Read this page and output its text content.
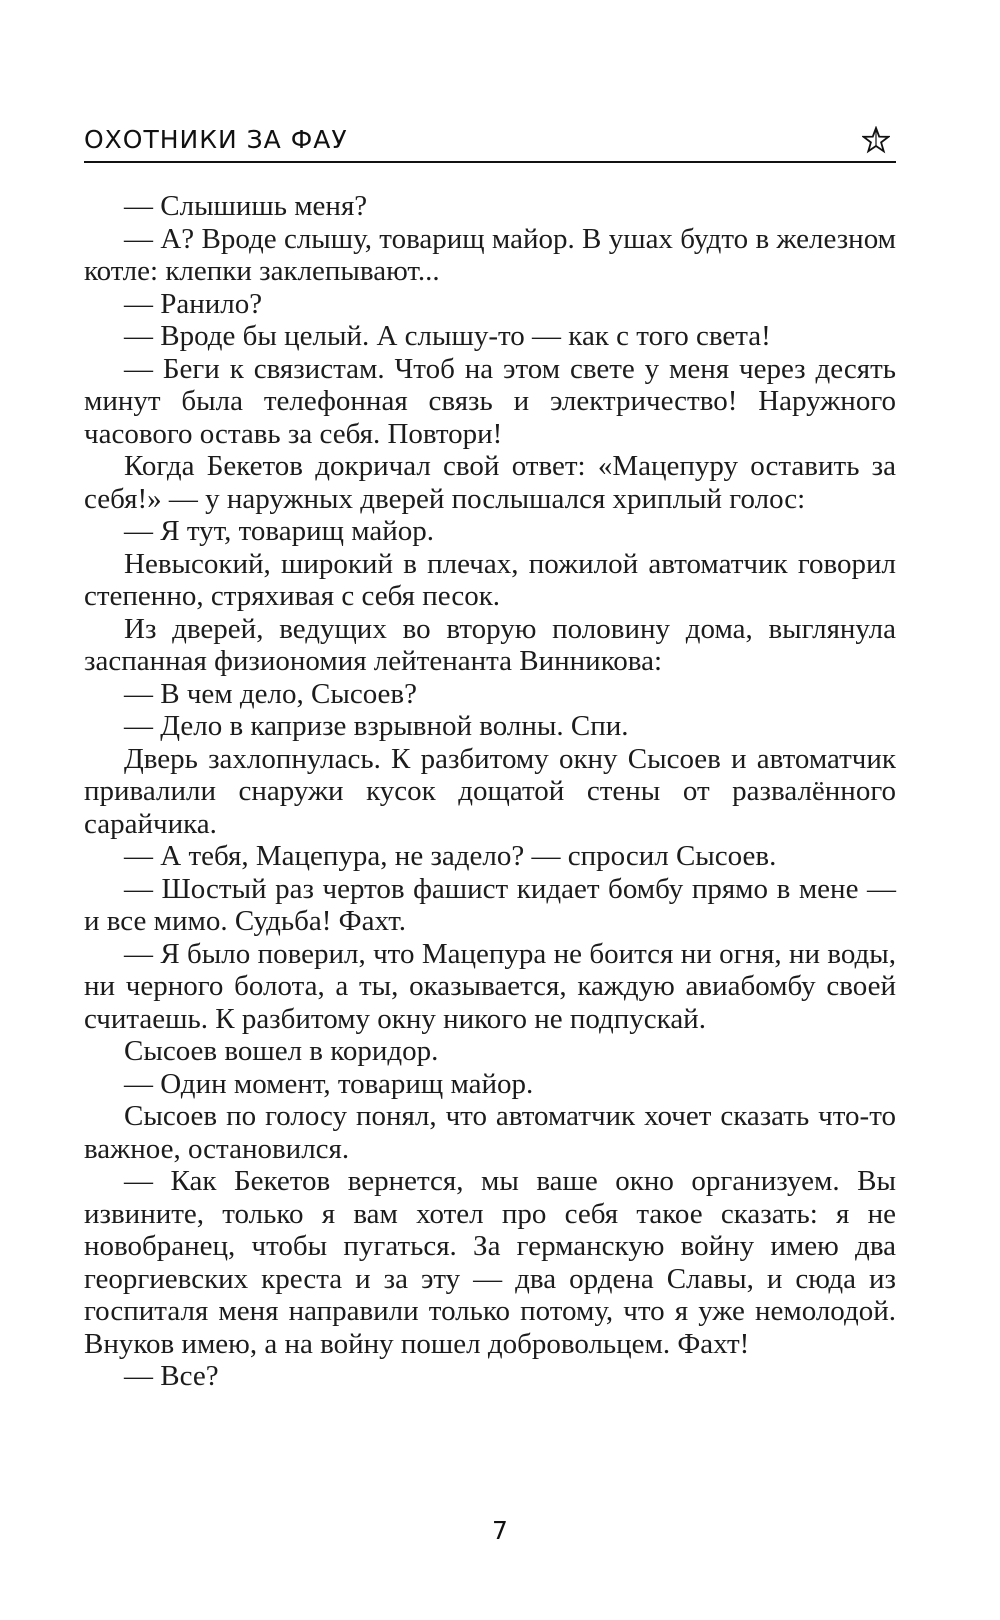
ОХОТНИКИ ЗА ФАУ

— Слышишь меня?

— А? Вроде слышу, товарищ майор. В ушах будто в железном котле: клепки заклепывают...

— Ранило?

— Вроде бы целый. А слышу-то — как с того света!

— Беги к связистам. Чтоб на этом свете у меня через десять минут была телефонная связь и электричество! Наружного часового оставь за себя. Повтори!

Когда Бекетов докричал свой ответ: «Мацепуру оставить за себя!» — у наружных дверей послышался хриплый голос:

— Я тут, товарищ майор.

Невысокий, широкий в плечах, пожилой автоматчик говорил степенно, стряхивая с себя песок.

Из дверей, ведущих во вторую половину дома, выглянула заспанная физиономия лейтенанта Винникова:

— В чем дело, Сысоев?

— Дело в капризе взрывной волны. Спи.

Дверь захлопнулась. К разбитому окну Сысоев и автоматчик привалили снаружи кусок дощатой стены от развалённого сарайчика.

— А тебя, Мацепура, не задело? — спросил Сысоев.

— Шостый раз чертов фашист кидает бомбу прямо в мене — и все мимо. Судьба! Фахт.

— Я было поверил, что Мацепура не боится ни огня, ни воды, ни черного болота, а ты, оказывается, каждую авиабомбу своей считаешь. К разбитому окну никого не подпускай.

Сысоев вошел в коридор.

— Один момент, товарищ майор.

Сысоев по голосу понял, что автоматчик хочет сказать что-то важное, остановился.

— Как Бекетов вернется, мы ваше окно организуем. Вы извините, только я вам хотел про себя такое сказать: я не новобранец, чтобы пугаться. За германскую войну имею два георгиевских креста и за эту — два ордена Славы, и сюда из госпиталя меня направили только потому, что я уже немолодой. Внуков имею, а на войну пошел добровольцем. Фахт!

— Все?

7
